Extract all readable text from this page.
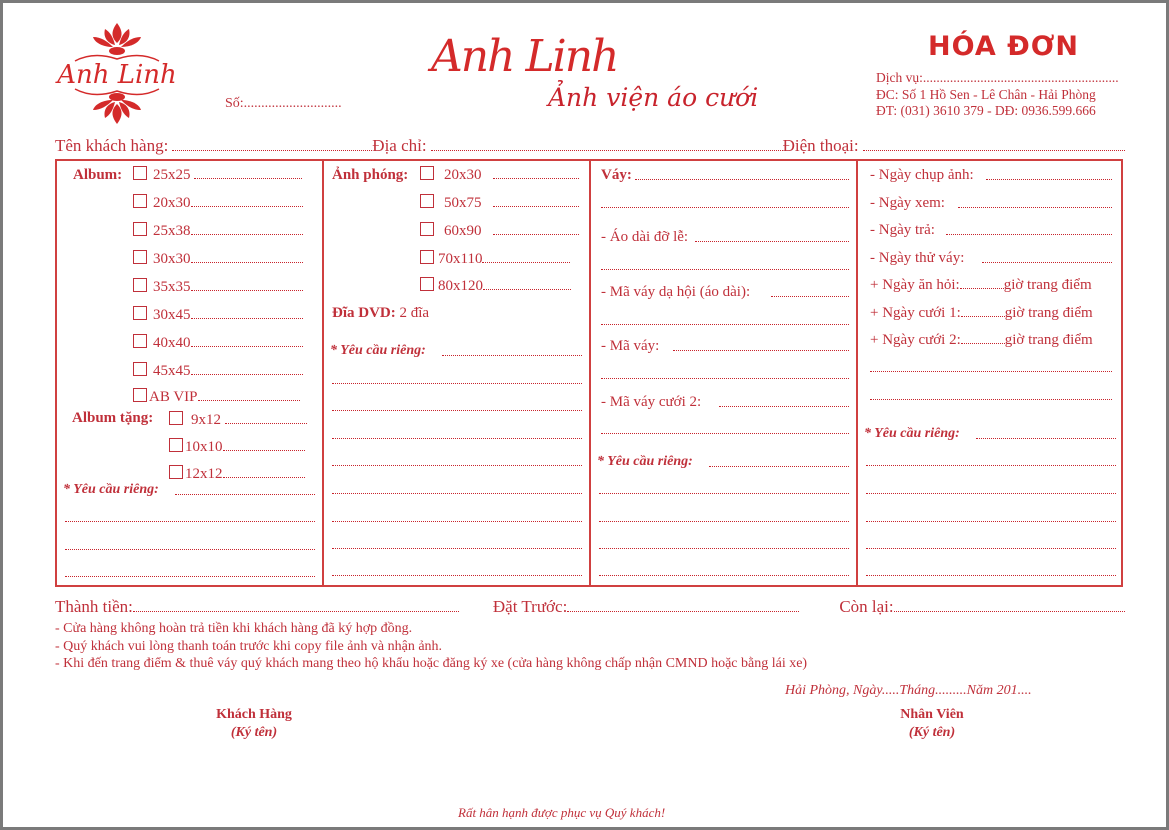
Anh Linh
Số:............................
Anh Linh
Ảnh viện áo cưới
HÓA ĐƠN
Dịch vụ:..........................................................
ĐC: Số 1 Hồ Sen - Lê Chân - Hải Phòng
ĐT: (031) 3610 379 - DĐ: 0936.599.666
Tên khách hàng:	Địa chỉ:	Điện thoại:
Album:	25x25
20x30
25x38
30x30
35x35
30x45
40x40
45x45
AB VIP
Album tặng:	9x12
10x10
12x12
* Yêu cầu riêng:
Ảnh phóng:	20x30
50x75
60x90
70x110
80x120
Đĩa DVD: 2 đĩa
* Yêu cầu riêng:
Váy:
- Áo dài đỡ lễ:
- Mã váy dạ hội (áo dài):
- Mã váy:
- Mã váy cưới 2:
* Yêu cầu riêng:
- Ngày chụp ảnh:
- Ngày xem:
- Ngày trả:
- Ngày thử váy:
+ Ngày ăn hỏi:	giờ trang điểm
+ Ngày cưới 1:	giờ trang điểm
+ Ngày cưới 2:	giờ trang điểm
* Yêu cầu riêng:
Thành tiền:	Đặt Trước:	Còn lại:
- Cửa hàng không hoàn trả tiền khi khách hàng đã ký hợp đồng.
- Quý khách vui lòng thanh toán trước khi copy file ảnh và nhận ảnh.
- Khi đến trang điểm & thuê váy quý khách mang theo hộ khẩu hoặc đăng ký xe (cửa hàng không chấp nhận CMND hoặc bằng lái xe)
Hải Phòng, Ngày.....Tháng.........Năm 201....
Khách Hàng
(Ký tên)
Nhân Viên
(Ký tên)
Rất hân hạnh được phục vụ Quý khách!
